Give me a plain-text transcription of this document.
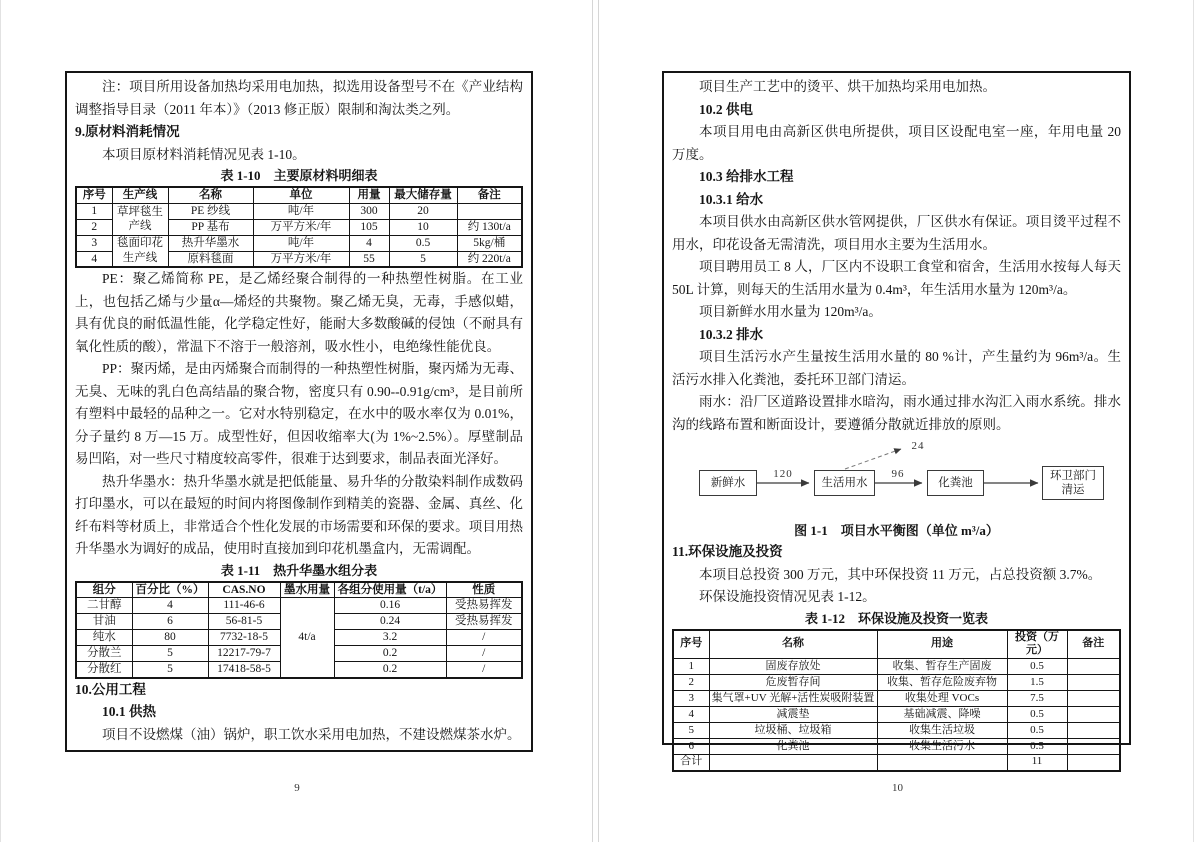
注：项目所用设备加热均采用电加热，拟选用设备型号不在《产业结构调整指导目录（2011 年本）》（2013 修正版）限制和淘汰类之列。

9.原材料消耗情况

本项目原材料消耗情况见表 1-10。

表 1-10　主要原材料明细表
序号	生产线	名称	单位	用量	最大储存量	备注
1	草坪毯生产线	PE 纱线	吨/年	300	20	
2		PP 基布	万平方米/年	105	10	约 130t/a
3	毯面印花生产线	热升华墨水	吨/年	4	0.5	5kg/桶
4		原料毯面	万平方米/年	55	5	约 220t/a

PE：聚乙烯简称 PE，是乙烯经聚合制得的一种热塑性树脂。在工业上，也包括乙烯与少量α—烯烃的共聚物。聚乙烯无臭，无毒，手感似蜡，具有优良的耐低温性能，化学稳定性好，能耐大多数酸碱的侵蚀（不耐具有氧化性质的酸），常温下不溶于一般溶剂，吸水性小，电绝缘性能优良。

PP：聚丙烯，是由丙烯聚合而制得的一种热塑性树脂，聚丙烯为无毒、无臭、无味的乳白色高结晶的聚合物，密度只有 0.90--0.91g/cm³，是目前所有塑料中最轻的品种之一。它对水特别稳定，在水中的吸水率仅为 0.01%，分子量约 8 万—15 万。成型性好，但因收缩率大(为 1%~2.5%）。厚壁制品易凹陷，对一些尺寸精度较高零件，很难于达到要求，制品表面光泽好。

热升华墨水：热升华墨水就是把低能量、易升华的分散染料制作成数码打印墨水，可以在最短的时间内将图像制作到精美的瓷器、金属、真丝、化纤布料等材质上，非常适合个性化发展的市场需要和环保的要求。项目用热升华墨水为调好的成品，使用时直接加到印花机墨盒内，无需调配。

表 1-11　热升华墨水组分表
组分	百分比（%）	CAS.NO	墨水用量	各组分使用量（t/a）	性质
二甘醇	4	111-46-6	4t/a	0.16	受热易挥发
甘油	6	56-81-5		0.24	受热易挥发
纯水	80	7732-18-5		3.2	/
分散兰	5	12217-79-7		0.2	/
分散红	5	17418-58-5		0.2	/

10.公用工程

10.1 供热

项目不设燃煤（油）锅炉，职工饮水采用电加热，不建设燃煤茶水炉。

9

项目生产工艺中的烫平、烘干加热均采用电加热。

10.2 供电

本项目用电由高新区供电所提供，项目区设配电室一座，年用电量 20 万度。

10.3 给排水工程

10.3.1 给水

本项目供水由高新区供水管网提供，厂区供水有保证。项目烫平过程不用水，印花设备无需清洗，项目用水主要为生活用水。

项目聘用员工 8 人，厂区内不设职工食堂和宿舍，生活用水按每人每天 50L 计算，则每天的生活用水量为 0.4m³，年生活用水量为 120m³/a。

项目新鲜水用水量为 120m³/a。

10.3.2 排水

项目生活污水产生量按生活用水量的 80 %计，产生量约为 96m³/a。生活污水排入化粪池，委托环卫部门清运。

雨水：沿厂区道路设置排水暗沟，雨水通过排水沟汇入雨水系统。排水沟的线路布置和断面设计，要遵循分散就近排放的原则。

新鲜水	生活用水	化粪池
环卫部门清运
120	96
24
图 1-1　项目水平衡图（单位 m³/a）

11.环保设施及投资

本项目总投资 300 万元，其中环保投资 11 万元，占总投资额 3.7%。

环保设施投资情况见表 1-12。

表 1-12　环保设施及投资一览表
序号	名称	用途	投资（万元）	备注
1	固废存放处	收集、暂存生产固废	0.5	
2	危废暂存间	收集、暂存危险废弃物	1.5	
3	集气罩+UV 光解+活性炭吸附装置	收集处理 VOCs	7.5	
4	减震垫	基础减震、降噪	0.5	
5	垃圾桶、垃圾箱	收集生活垃圾	0.5	
6	化粪池	收集生活污水	0.5	
合计			11	
10
